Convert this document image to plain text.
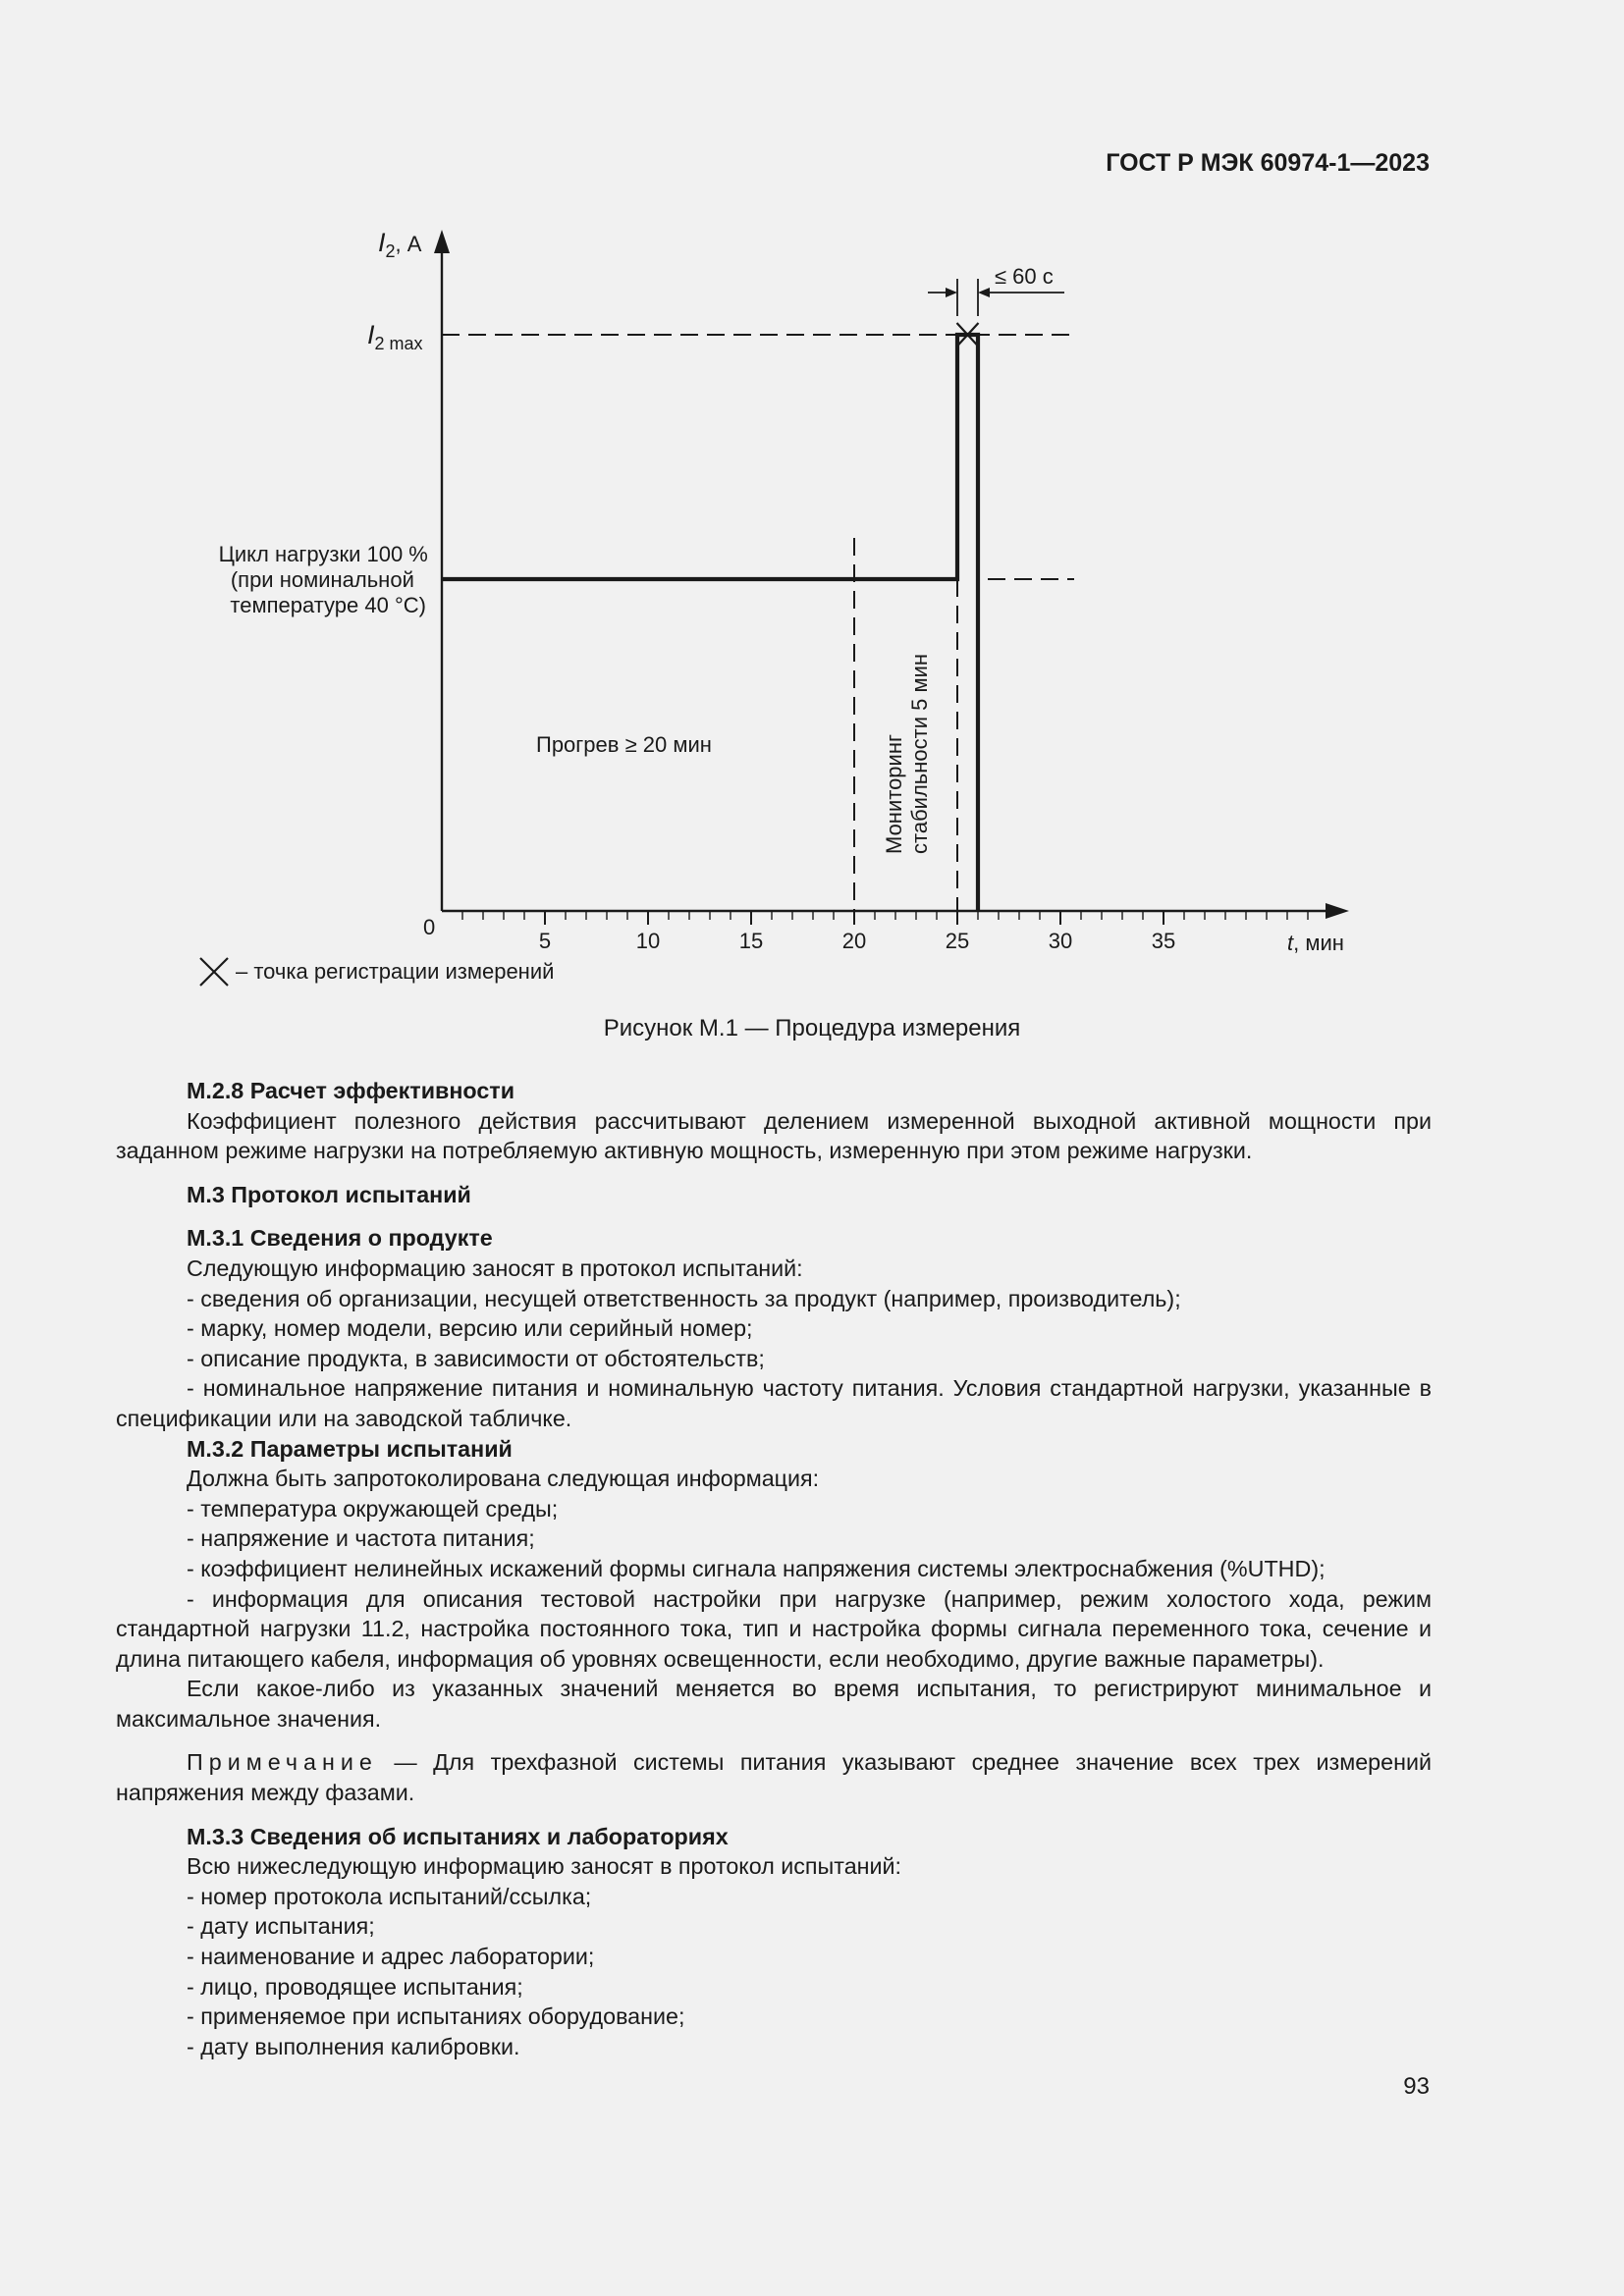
ГОСТ Р МЭК 60974-1—2023
5	10	15	20	25	30	35
$I_2^{, А}$
$I_{2 max}$
Цикл нагрузки 100 % (при номинальной температуре 40 °C)
Прогрев ≥ 20 мин	Мониторинг стабильности 5 мин
≤ 60 с
0
t, мин
– точка регистрации измерений
Рисунок М.1 — Процедура измерения

М.2.8 Расчет эффективности

Коэффициент полезного действия рассчитывают делением измеренной выходной активной мощности при заданном режиме нагрузки на потребляемую активную мощность, измеренную при этом режиме нагрузки.

М.3 Протокол испытаний

М.3.1 Сведения о продукте

Следующую информацию заносят в протокол испытаний:

- сведения об организации, несущей ответственность за продукт (например, производитель);

- марку, номер модели, версию или серийный номер;

- описание продукта, в зависимости от обстоятельств;

- номинальное напряжение питания и номинальную частоту питания. Условия стандартной нагрузки, указанные в спецификации или на заводской табличке.

М.3.2 Параметры испытаний

Должна быть запротоколирована следующая информация:

- температура окружающей среды;

- напряжение и частота питания;

- коэффициент нелинейных искажений формы сигнала напряжения системы электроснабжения (%UTHD);

- информация для описания тестовой настройки при нагрузке (например, режим холостого хода, режим стандартной нагрузки 11.2, настройка постоянного тока, тип и настройка формы сигнала переменного тока, сечение и длина питающего кабеля, информация об уровнях освещенности, если необходимо, другие важные параметры).

Если какое-либо из указанных значений меняется во время испытания, то регистрируют минимальное и максимальное значения.

Примечание — Для трехфазной системы питания указывают среднее значение всех трех измерений напряжения между фазами.

М.3.3 Сведения об испытаниях и лабораториях

Всю нижеследующую информацию заносят в протокол испытаний:

- номер протокола испытаний/ссылка;

- дату испытания;

- наименование и адрес лаборатории;

- лицо, проводящее испытания;

- применяемое при испытаниях оборудование;

- дату выполнения калибровки.

93
